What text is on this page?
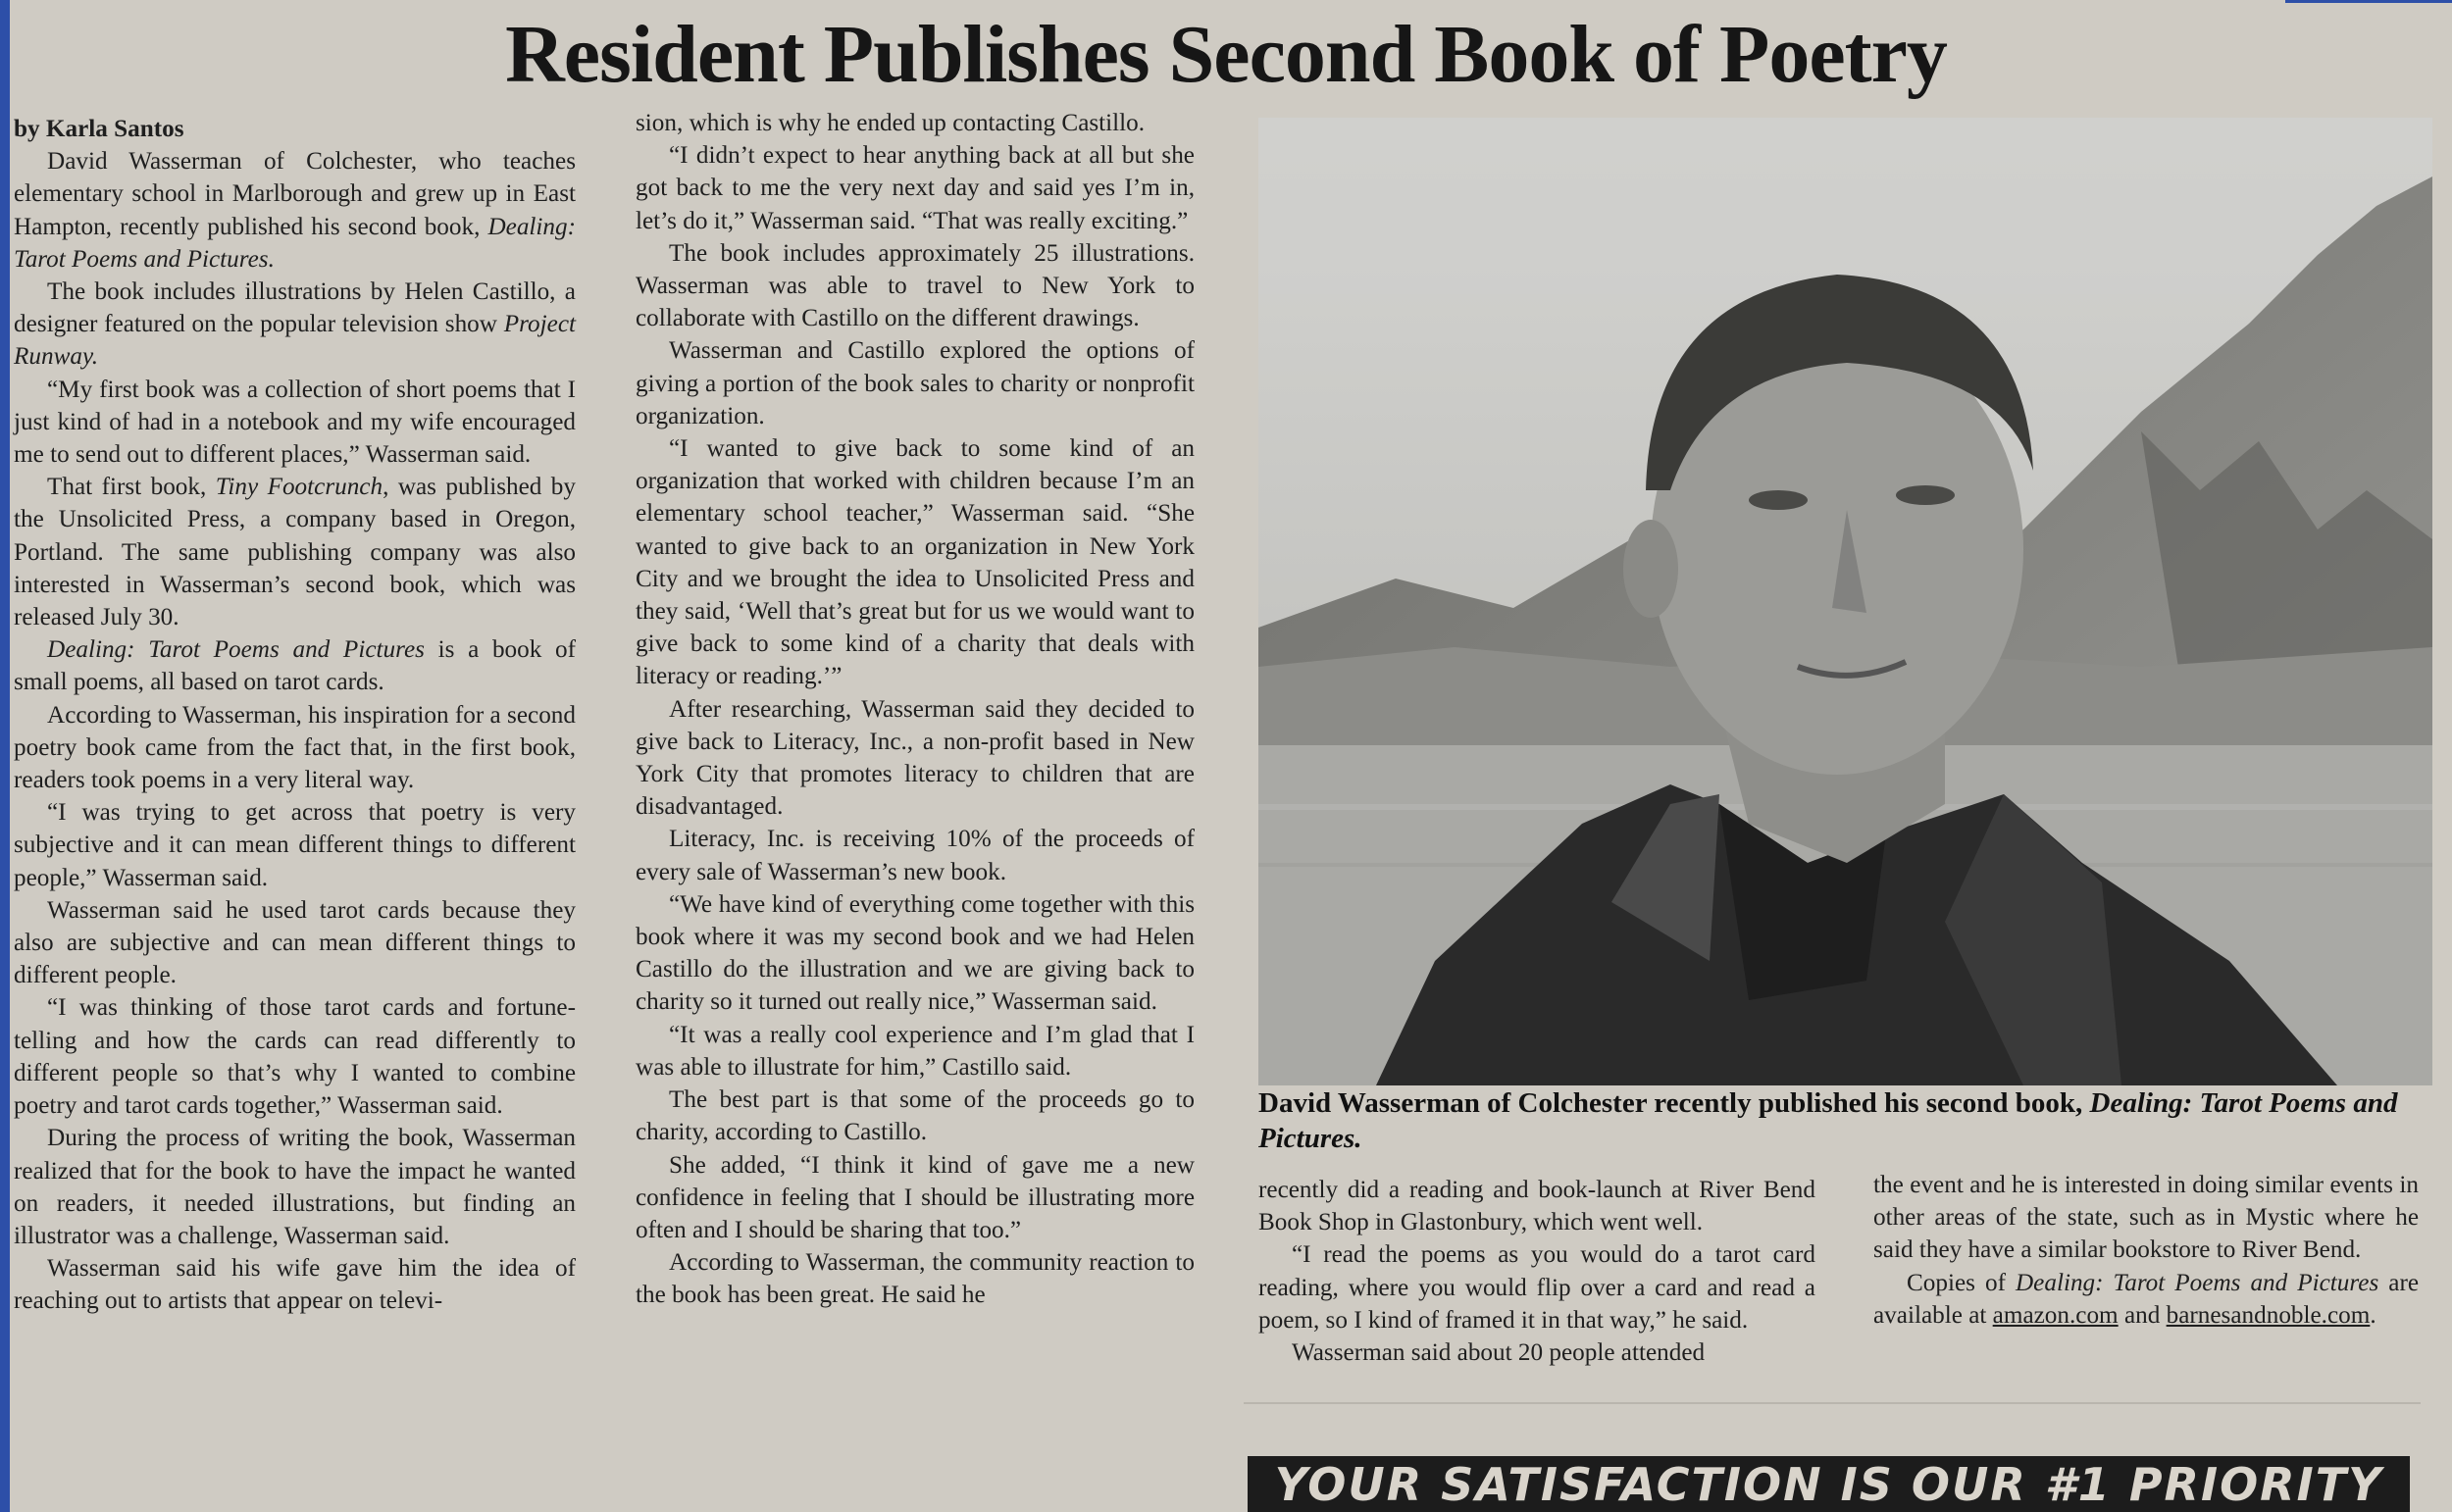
Resident Publishes Second Book of Poetry

by Karla Santos

David Wasserman of Colchester, who teaches elementary school in Marlborough and grew up in East Hampton, recently published his second book, Dealing: Tarot Poems and Pictures.

The book includes illustrations by Helen Castillo, a designer featured on the popular television show Project Runway.

“My first book was a collection of short poems that I just kind of had in a notebook and my wife encouraged me to send out to different places,” Wasserman said.

That first book, Tiny Footcrunch, was published by the Unsolicited Press, a company based in Oregon, Portland. The same publishing company was also interested in Wasserman’s second book, which was released July 30.

Dealing: Tarot Poems and Pictures is a book of small poems, all based on tarot cards.

According to Wasserman, his inspiration for a second poetry book came from the fact that, in the first book, readers took poems in a very literal way.

“I was trying to get across that poetry is very subjective and it can mean different things to different people,” Wasserman said.

Wasserman said he used tarot cards because they also are subjective and can mean different things to different people.

“I was thinking of those tarot cards and fortune-telling and how the cards can read differently to different people so that’s why I wanted to combine poetry and tarot cards together,” Wasserman said.

During the process of writing the book, Wasserman realized that for the book to have the impact he wanted on readers, it needed illustrations, but finding an illustrator was a challenge, Wasserman said.

Wasserman said his wife gave him the idea of reaching out to artists that appear on televi-

sion, which is why he ended up contacting Castillo.

“I didn’t expect to hear anything back at all but she got back to me the very next day and said yes I’m in, let’s do it,” Wasserman said. “That was really exciting.”

The book includes approximately 25 illustrations. Wasserman was able to travel to New York to collaborate with Castillo on the different drawings.

Wasserman and Castillo explored the options of giving a portion of the book sales to charity or nonprofit organization.

“I wanted to give back to some kind of an organization that worked with children because I’m an elementary school teacher,” Wasserman said. “She wanted to give back to an organization in New York City and we brought the idea to Unsolicited Press and they said, ‘Well that’s great but for us we would want to give back to some kind of a charity that deals with literacy or reading.’”

After researching, Wasserman said they decided to give back to Literacy, Inc., a non-profit based in New York City that promotes literacy to children that are disadvantaged.

Literacy, Inc. is receiving 10% of the proceeds of every sale of Wasserman’s new book.

“We have kind of everything come together with this book where it was my second book and we had Helen Castillo do the illustration and we are giving back to charity so it turned out really nice,” Wasserman said.

“It was a really cool experience and I’m glad that I was able to illustrate for him,” Castillo said.

The best part is that some of the proceeds go to charity, according to Castillo.

She added, “I think it kind of gave me a new confidence in feeling that I should be illustrating more often and I should be sharing that too.”

According to Wasserman, the community reaction to the book has been great. He said he

David Wasserman of Colchester recently published his second book, Dealing: Tarot Poems and Pictures.

recently did a reading and book-launch at River Bend Book Shop in Glastonbury, which went well.

“I read the poems as you would do a tarot card reading, where you would flip over a card and read a poem, so I kind of framed it in that way,” he said.

Wasserman said about 20 people attended

the event and he is interested in doing similar events in other areas of the state, such as in Mystic where he said they have a similar bookstore to River Bend.

Copies of Dealing: Tarot Poems and Pictures are available at amazon.com and barnesandnoble.com.

YOUR SATISFACTION IS OUR #1 PRIORITY
